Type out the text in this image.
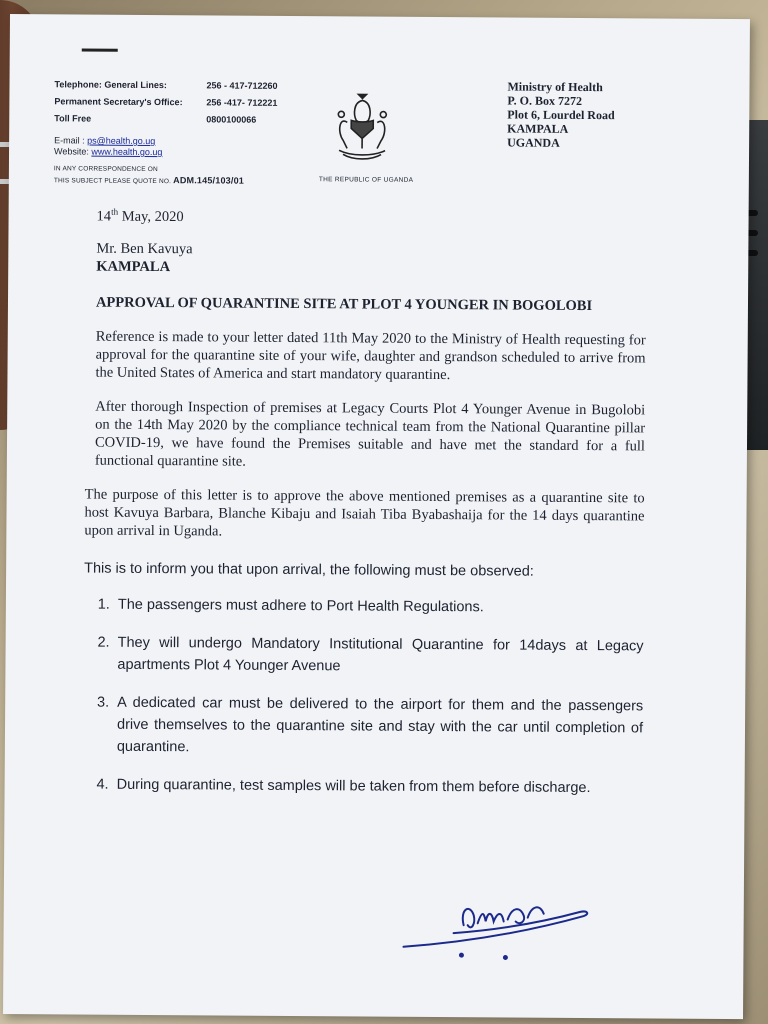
Telephone: General Lines:	256 - 417-712260
Permanent Secretary's Office:	256 -417- 712221
Toll Free	0800100066
E-mail : ps@health.go.ug
Website: www.health.go.ug
IN ANY CORRESPONDENCE ON
THIS SUBJECT PLEASE QUOTE NO. ADM.145/103/01	THE REPUBLIC OF UGANDA
Ministry of Health
P. O. Box 7272
Plot 6, Lourdel Road
KAMPALA
UGANDA
14th May, 2020
Mr. Ben Kavuya
KAMPALA
APPROVAL OF QUARANTINE SITE AT PLOT 4 YOUNGER IN BOGOLOBI
Reference is made to your letter dated 11th May 2020 to the Ministry of Health requesting for approval for the quarantine site of your wife, daughter and grandson scheduled to arrive from the United States of America and start mandatory quarantine.
After thorough Inspection of premises at Legacy Courts Plot 4 Younger Avenue in Bugolobi on the 14th May 2020 by the compliance technical team from the National Quarantine pillar COVID-19, we have found the Premises suitable and have met the standard for a full functional quarantine site.
The purpose of this letter is to approve the above mentioned premises as a quarantine site to host Kavuya Barbara, Blanche Kibaju and Isaiah Tiba Byabashaija for the 14 days quarantine upon arrival in Uganda.
This is to inform you that upon arrival, the following must be observed:
1. The passengers must adhere to Port Health Regulations.
2. They will undergo Mandatory Institutional Quarantine for 14days at Legacy apartments Plot 4 Younger Avenue
3. A dedicated car must be delivered to the airport for them and the passengers drive themselves to the quarantine site and stay with the car until completion of quarantine.
4. During quarantine, test samples will be taken from them before discharge.
